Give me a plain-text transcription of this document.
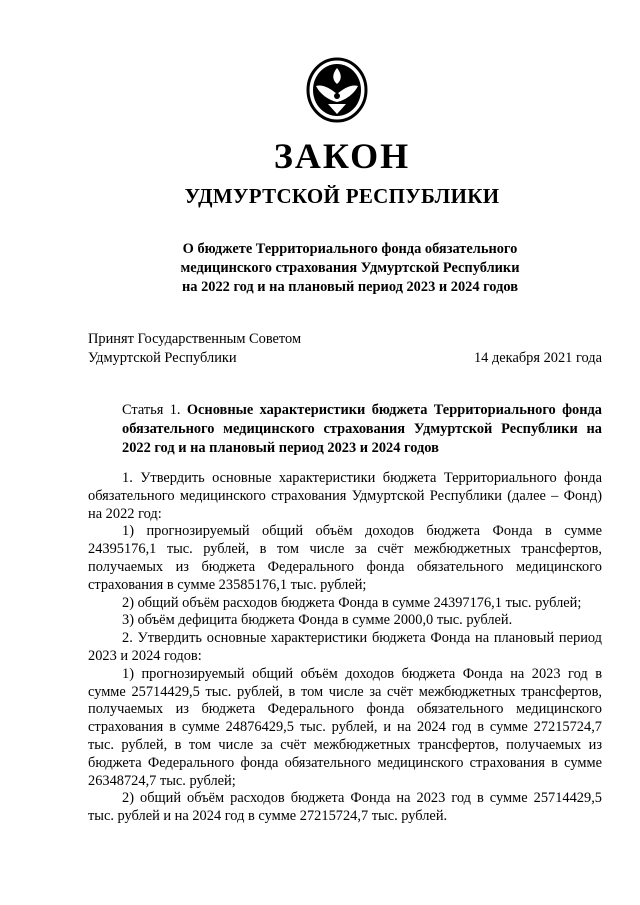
ЗАКОН
УДМУРТСКОЙ РЕСПУБЛИКИ
О бюджете Территориального фонда обязательного
медицинского страхования Удмуртской Республики
на 2022 год и на плановый период 2023 и 2024 годов
Принят Государственным Советом
Удмуртской Республики	14 декабря 2021 года
Статья 1. Основные характеристики бюджета Территориального фонда обязательного медицинского страхования Удмуртской Республики на 2022 год и на плановый период 2023 и 2024 годов

1. Утвердить основные характеристики бюджета Территориального фонда обязательного медицинского страхования Удмуртской Республики (далее – Фонд) на 2022 год:

1) прогнозируемый общий объём доходов бюджета Фонда в сумме 24395176,1 тыс. рублей, в том числе за счёт межбюджетных трансфертов, получаемых из бюджета Федерального фонда обязательного медицинского страхования в сумме 23585176,1 тыс. рублей;

2) общий объём расходов бюджета Фонда в сумме 24397176,1 тыс. рублей;

3) объём дефицита бюджета Фонда в сумме 2000,0 тыс. рублей.

2. Утвердить основные характеристики бюджета Фонда на плановый период 2023 и 2024 годов:

1) прогнозируемый общий объём доходов бюджета Фонда на 2023 год в сумме 25714429,5 тыс. рублей, в том числе за счёт межбюджетных трансфертов, получаемых из бюджета Федерального фонда обязательного медицинского страхования в сумме 24876429,5 тыс. рублей, и на 2024 год в сумме 27215724,7 тыс. рублей, в том числе за счёт межбюджетных трансфертов, получаемых из бюджета Федерального фонда обязательного медицинского страхования в сумме 26348724,7 тыс. рублей;

2) общий объём расходов бюджета Фонда на 2023 год в сумме 25714429,5 тыс. рублей и на 2024 год в сумме 27215724,7 тыс. рублей.
